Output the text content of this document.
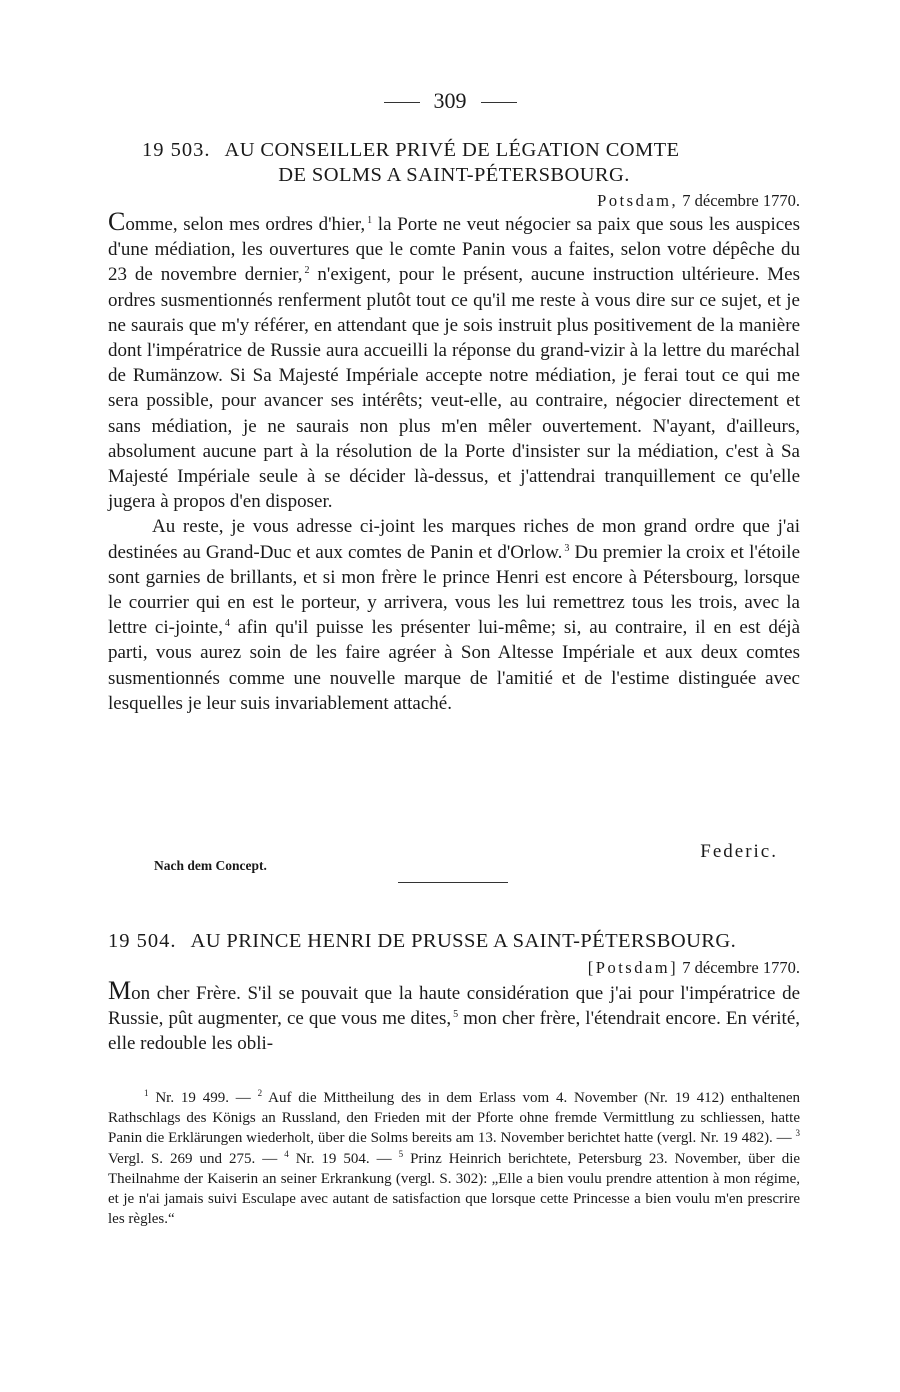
309
19 503. AU CONSEILLER PRIVÉ DE LÉGATION COMTE
DE SOLMS A SAINT-PÉTERSBOURG.
Potsdam, 7 décembre 1770.

Comme, selon mes ordres d'hier, $^1$ la Porte ne veut négocier sa paix que sous les auspices d'une médiation, les ouvertures que le comte Panin vous a faites, selon votre dépêche du 23 de novembre dernier, $^2$ n'exigent, pour le présent, aucune instruction ultérieure. Mes ordres susmentionnés renferment plutôt tout ce qu'il me reste à vous dire sur ce sujet, et je ne saurais que m'y référer, en attendant que je sois instruit plus positivement de la manière dont l'impératrice de Russie aura accueilli la réponse du grand-vizir à la lettre du maréchal de Rumänzow. Si Sa Majesté Impériale accepte notre médiation, je ferai tout ce qui me sera possible, pour avancer ses intérêts; veut-elle, au contraire, négocier directement et sans médiation, je ne saurais non plus m'en mêler ouvertement. N'ayant, d'ailleurs, absolument aucune part à la résolution de la Porte d'insister sur la médiation, c'est à Sa Majesté Impériale seule à se décider là-dessus, et j'attendrai tranquillement ce qu'elle jugera à propos d'en disposer.

Au reste, je vous adresse ci-joint les marques riches de mon grand ordre que j'ai destinées au Grand-Duc et aux comtes de Panin et d'Orlow. $^3$ Du premier la croix et l'étoile sont garnies de brillants, et si mon frère le prince Henri est encore à Pétersbourg, lorsque le courrier qui en est le porteur, y arrivera, vous les lui remettrez tous les trois, avec la lettre ci-jointe, $^4$ afin qu'il puisse les présenter lui-même; si, au contraire, il en est déjà parti, vous aurez soin de les faire agréer à Son Altesse Impériale et aux deux comtes susmentionnés comme une nouvelle marque de l'amitié et de l'estime distinguée avec lesquelles je leur suis invariablement attaché.

Federic.
Nach dem Concept.
19 504. AU PRINCE HENRI DE PRUSSE A SAINT-PÉTERSBOURG.
[Potsdam] 7 décembre 1770.

Mon cher Frère. S'il se pouvait que la haute considération que j'ai pour l'impératrice de Russie, pût augmenter, ce que vous me dites, $^5$ mon cher frère, l'étendrait encore. En vérité, elle redouble les obli-

$^1$ Nr. 19 499. — $^2$ Auf die Mittheilung des in dem Erlass vom 4. November (Nr. 19 412) enthaltenen Rathschlags des Königs an Russland, den Frieden mit der Pforte ohne fremde Vermittlung zu schliessen, hatte Panin die Erklärungen wiederholt, über die Solms bereits am 13. November berichtet hatte (vergl. Nr. 19 482). — $^3$ Vergl. S. 269 und 275. — $^4$ Nr. 19 504. — $^5$ Prinz Heinrich berichtete, Petersburg 23. November, über die Theilnahme der Kaiserin an seiner Erkrankung (vergl. S. 302): „Elle a bien voulu prendre attention à mon régime, et je n'ai jamais suivi Esculape avec autant de satisfaction que lorsque cette Princesse a bien voulu m'en prescrire les règles.“
